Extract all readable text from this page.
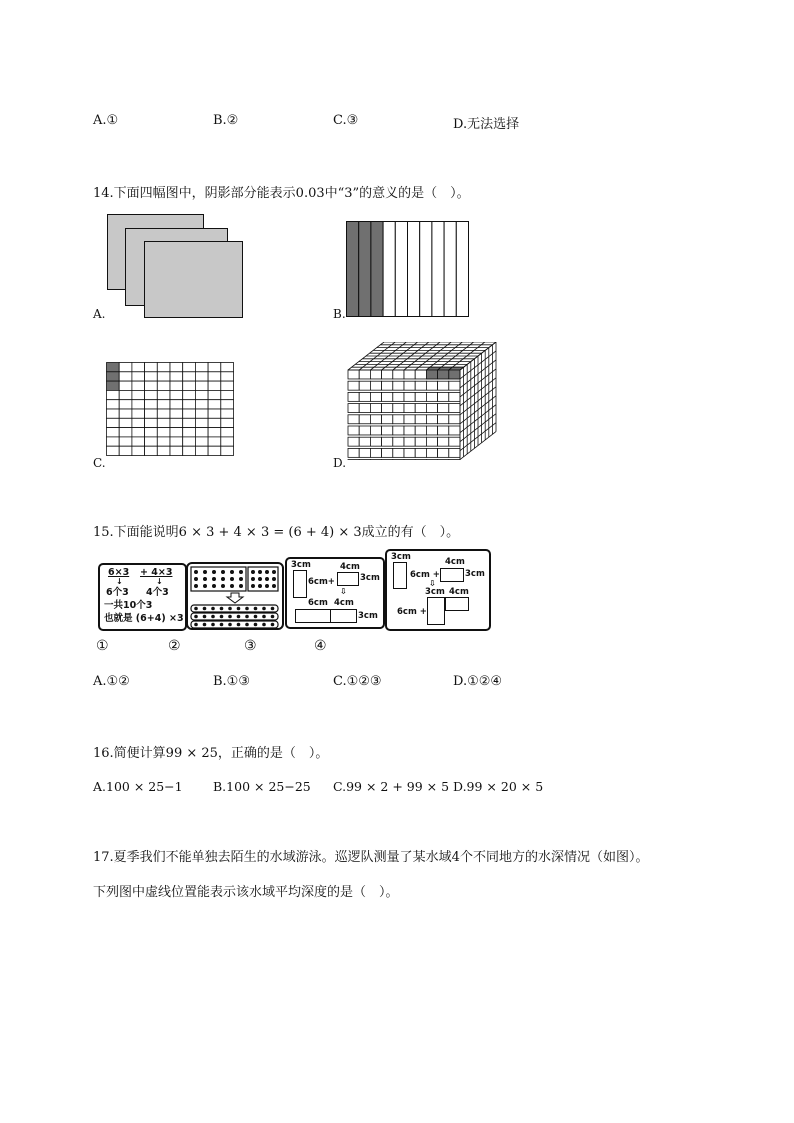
A.①	B.②	C.③	D.无法选择
14.下面四幅图中，阴影部分能表示0.03中“3”的意义的是（　）。
A.	B.
C.	D.
15.下面能说明6 × 3 + 4 × 3 = (6 + 4) × 3成立的有（　）。
6×3 + 4×3
↓	↓
6个3 4个3
一共10个3
也就是 (6+4) ×3
3cm
6cm+
4cm
3cm
⇩
6cm 4cm
3cm
3cm
6cm +
4cm
3cm
⇩
3cm 4cm
6cm +
①	②	③	④
A.①②	B.①③	C.①②③	D.①②④
16.简便计算99 × 25，正确的是（　）。
A.100 × 25−1 B.100 × 25−25 C.99 × 2 + 99 × 5 D.99 × 20 × 5
17.夏季我们不能单独去陌生的水域游泳。巡逻队测量了某水域4个不同地方的水深情况（如图）。
下列图中虚线位置能表示该水域平均深度的是（　）。
